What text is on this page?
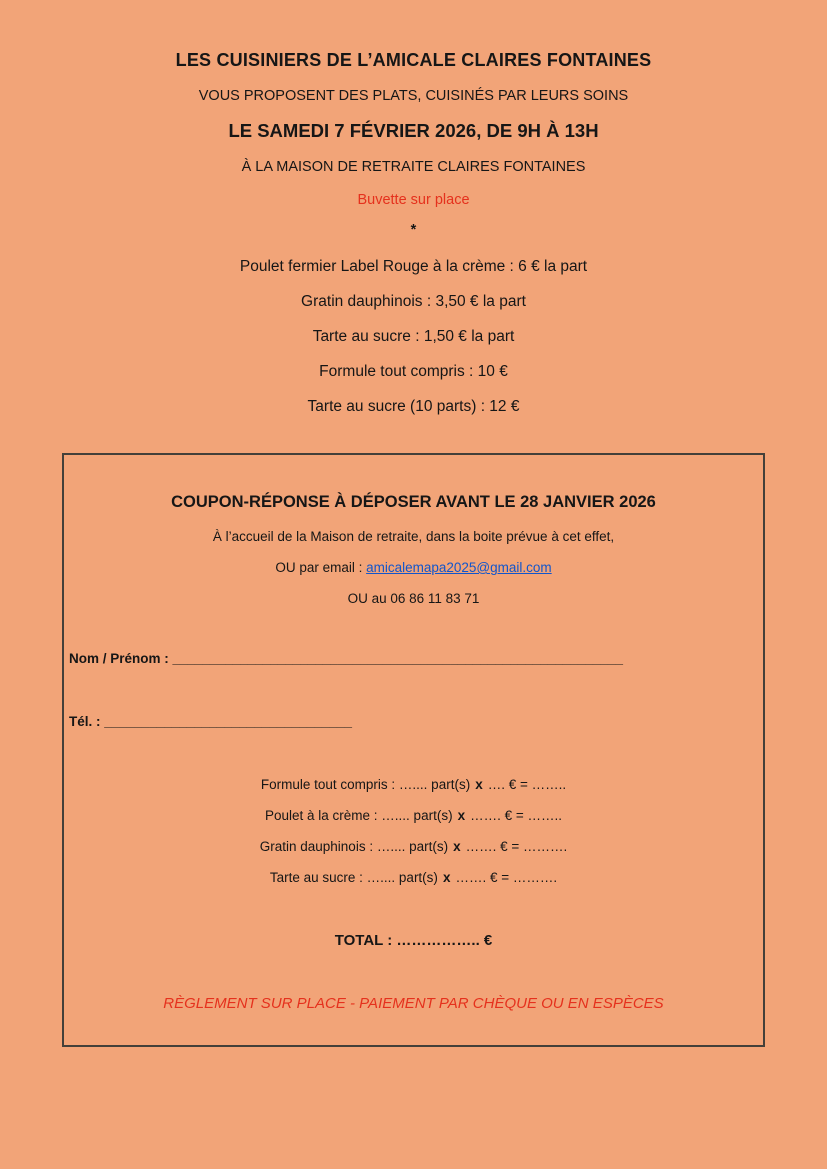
LES CUISINIERS DE L’AMICALE CLAIRES FONTAINES
VOUS PROPOSENT DES PLATS, CUISINÉS PAR LEURS SOINS
LE SAMEDI 7 FÉVRIER 2026, DE 9H À 13H
À LA MAISON DE RETRAITE CLAIRES FONTAINES
Buvette sur place
*
Poulet fermier Label Rouge à la crème : 6 € la part
Gratin dauphinois : 3,50 € la part
Tarte au sucre : 1,50 € la part
Formule tout compris : 10 €
Tarte au sucre (10 parts) : 12 €
COUPON-RÉPONSE À DÉPOSER AVANT LE 28 JANVIER 2026
À l’accueil de la Maison de retraite, dans la boite prévue à cet effet,
OU par email : amicalemapa2025@gmail.com
OU au 06 86 11 83 71
Nom / Prénom : ____________________________________________________________
Tél. : _________________________________
Formule tout compris : ….... part(s) x …. € = ……..
Poulet à la crème : ….... part(s) x ……. € = ……..
Gratin dauphinois : ….... part(s) x ……. € = ……….
Tarte au sucre : ….... part(s) x ……. € = ……….
TOTAL : …………….. €
RÈGLEMENT SUR PLACE - PAIEMENT PAR CHÈQUE OU EN ESPÈCES
